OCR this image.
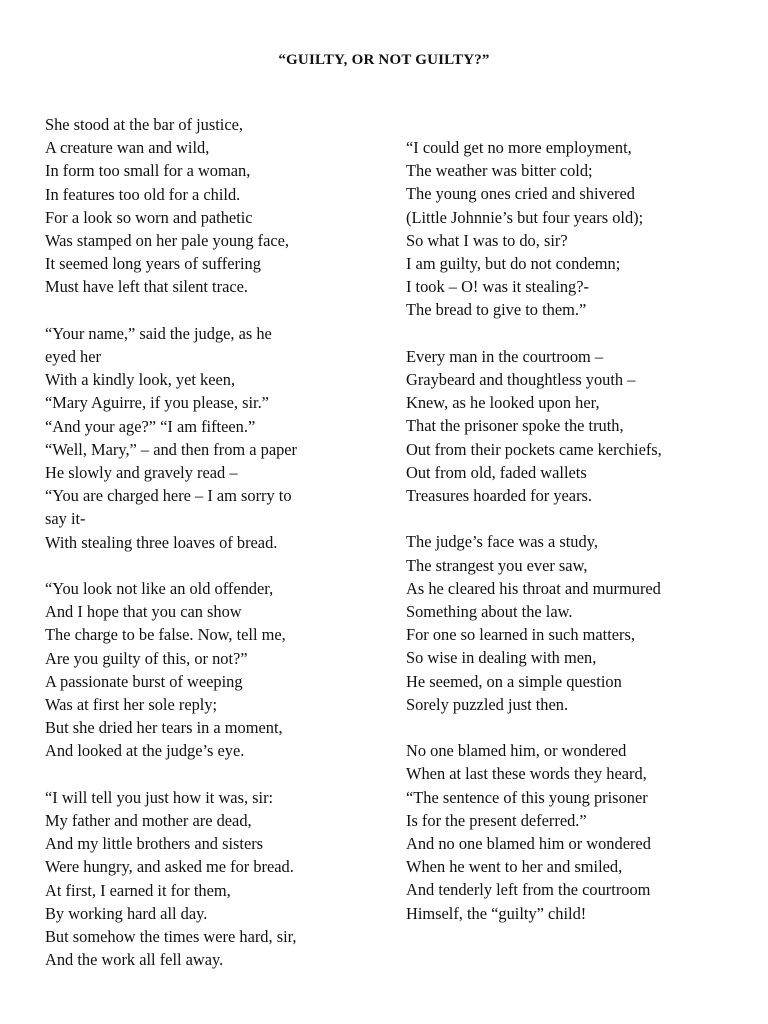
“GUILTY, OR NOT GUILTY?”
She stood at the bar of justice,
A creature wan and wild,
In form too small for a woman,
In features too old for a child.
For a look so worn and pathetic
Was stamped on her pale young face,
It seemed long years of suffering
Must have left that silent trace.
“Your name,” said the judge, as he
eyed her
With a kindly look, yet keen,
“Mary Aguirre, if you please, sir.”
“And your age?” “I am fifteen.”
“Well, Mary,” – and then from a paper
He slowly and gravely read –
“You are charged here – I am sorry to
say it-
With stealing three loaves of bread.
“You look not like an old offender,
And I hope that you can show
The charge to be false. Now, tell me,
Are you guilty of this, or not?”
A passionate burst of weeping
Was at first her sole reply;
But she dried her tears in a moment,
And looked at the judge’s eye.
“I will tell you just how it was, sir:
My father and mother are dead,
And my little brothers and sisters
Were hungry, and asked me for bread.
At first, I earned it for them,
By working hard all day.
But somehow the times were hard, sir,
And the work all fell away.
“I could get no more employment,
The weather was bitter cold;
The young ones cried and shivered
(Little Johnnie’s but four years old);
So what I was to do, sir?
I am guilty, but do not condemn;
I took – O! was it stealing?-
The bread to give to them.”
Every man in the courtroom –
Graybeard and thoughtless youth –
Knew, as he looked upon her,
That the prisoner spoke the truth,
Out from their pockets came kerchiefs,
Out from old, faded wallets
Treasures hoarded for years.
The judge’s face was a study,
The strangest you ever saw,
As he cleared his throat and murmured
Something about the law.
For one so learned in such matters,
So wise in dealing with men,
He seemed, on a simple question
Sorely puzzled just then.
No one blamed him, or wondered
When at last these words they heard,
“The sentence of this young prisoner
Is for the present deferred.”
And no one blamed him or wondered
When he went to her and smiled,
And tenderly left from the courtroom
Himself, the “guilty” child!
